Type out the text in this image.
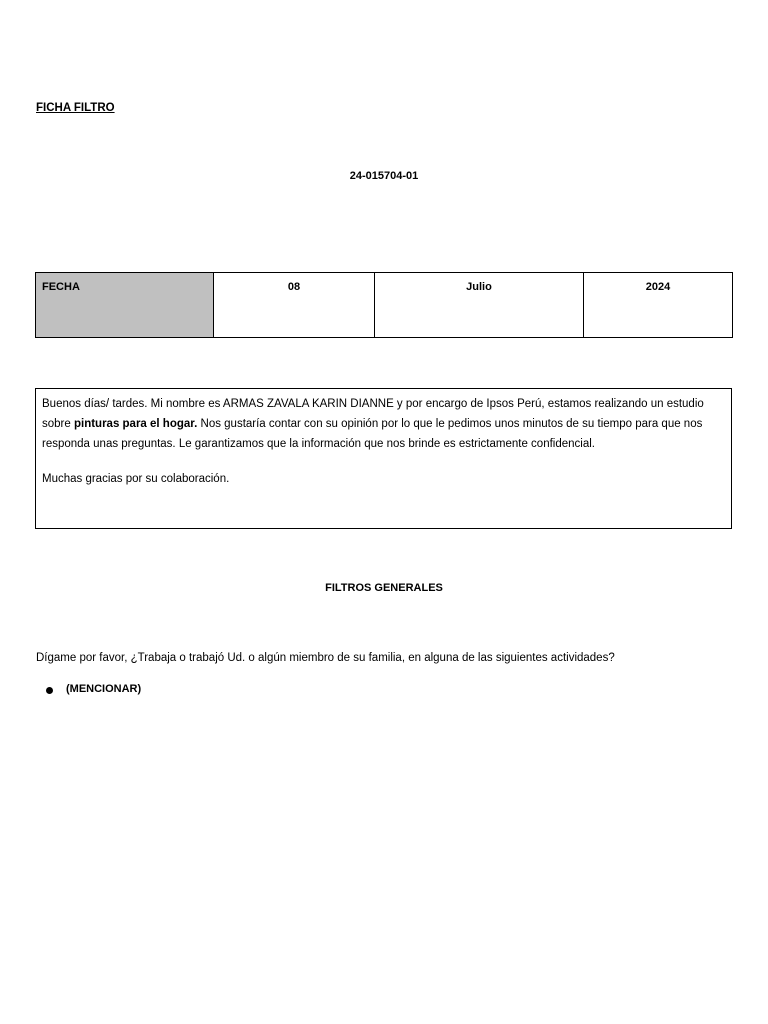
FICHA FILTRO
24-015704-01
FECHA	08	Julio	2024

Buenos días/ tardes. Mi nombre es ARMAS ZAVALA KARIN DIANNE y por encargo de Ipsos Perú, estamos realizando un estudio sobre pinturas para el hogar. Nos gustaría contar con su opinión por lo que le pedimos unos minutos de su tiempo para que nos responda unas preguntas. Le garantizamos que la información que nos brinde es estrictamente confidencial.

Muchas gracias por su colaboración.

FILTROS GENERALES
Dígame por favor, ¿Trabaja o trabajó Ud. o algún miembro de su familia, en alguna de las siguientes actividades?
(MENCIONAR)
